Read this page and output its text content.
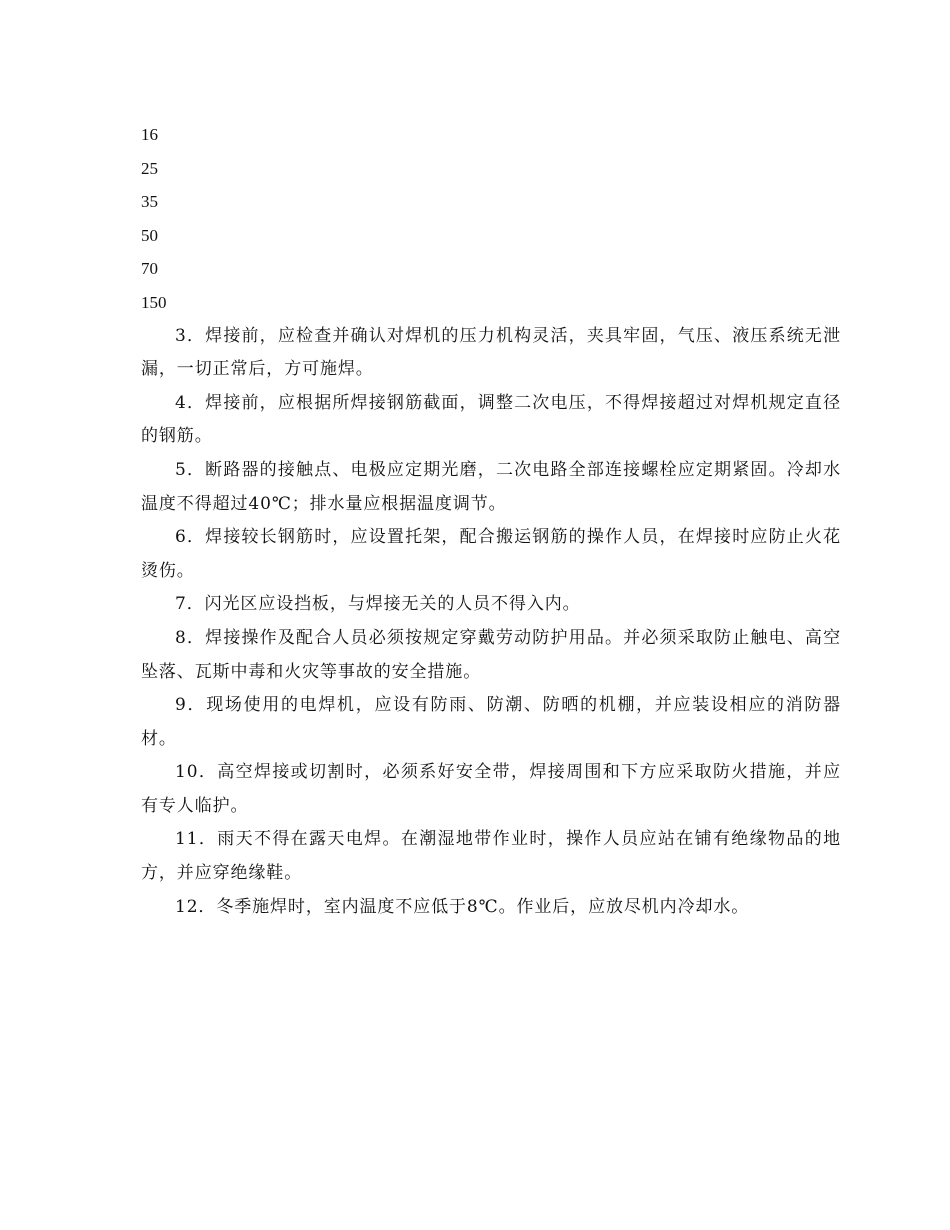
16

25

35

50

70

150

3．焊接前，应检查并确认对焊机的压力机构灵活，夹具牢固，气压、液压系统无泄漏，一切正常后，方可施焊。

4．焊接前，应根据所焊接钢筋截面，调整二次电压，不得焊接超过对焊机规定直径的钢筋。

5．断路器的接触点、电极应定期光磨，二次电路全部连接螺栓应定期紧固。冷却水温度不得超过40℃；排水量应根据温度调节。

6．焊接较长钢筋时，应设置托架，配合搬运钢筋的操作人员，在焊接时应防止火花烫伤。

7．闪光区应设挡板，与焊接无关的人员不得入内。

8．焊接操作及配合人员必须按规定穿戴劳动防护用品。并必须采取防止触电、高空坠落、瓦斯中毒和火灾等事故的安全措施。

9．现场使用的电焊机，应设有防雨、防潮、防晒的机棚，并应装设相应的消防器材。

10．高空焊接或切割时，必须系好安全带，焊接周围和下方应采取防火措施，并应有专人临护。

11．雨天不得在露天电焊。在潮湿地带作业时，操作人员应站在铺有绝缘物品的地方，并应穿绝缘鞋。

12．冬季施焊时，室内温度不应低于8℃。作业后，应放尽机内冷却水。
